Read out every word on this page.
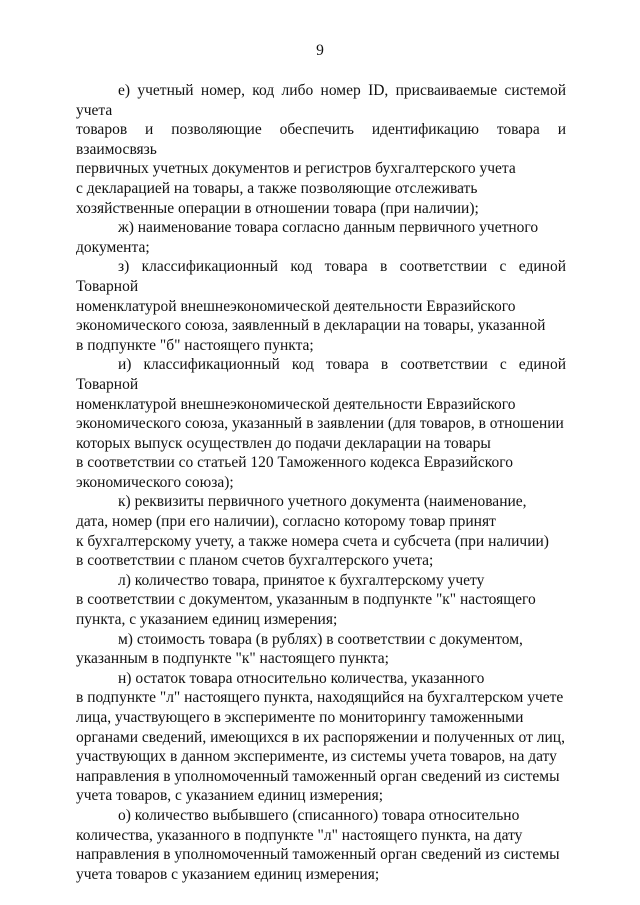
9

е) учетный номер, код либо номер ID, присваиваемые системой учета
товаров и позволяющие обеспечить идентификацию товара и взаимосвязь
первичных учетных документов и регистров бухгалтерского учета
с декларацией на товары, а также позволяющие отслеживать
хозяйственные операции в отношении товара (при наличии);

ж) наименование товара согласно данным первичного учетного
документа;

з) классификационный код товара в соответствии с единой Товарной
номенклатурой внешнеэкономической деятельности Евразийского
экономического союза, заявленный в декларации на товары, указанной
в подпункте "б" настоящего пункта;

и) классификационный код товара в соответствии с единой Товарной
номенклатурой внешнеэкономической деятельности Евразийского
экономического союза, указанный в заявлении (для товаров, в отношении
которых выпуск осуществлен до подачи декларации на товары
в соответствии со статьей 120 Таможенного кодекса Евразийского
экономического союза);

к) реквизиты первичного учетного документа (наименование,
дата, номер (при его наличии), согласно которому товар принят
к бухгалтерскому учету, а также номера счета и субсчета (при наличии)
в соответствии с планом счетов бухгалтерского учета;

л) количество товара, принятое к бухгалтерскому учету
в соответствии с документом, указанным в подпункте "к" настоящего
пункта, с указанием единиц измерения;

м) стоимость товара (в рублях) в соответствии с документом,
указанным в подпункте "к" настоящего пункта;

н) остаток товара относительно количества, указанного
в подпункте "л" настоящего пункта, находящийся на бухгалтерском учете
лица, участвующего в эксперименте по мониторингу таможенными
органами сведений, имеющихся в их распоряжении и полученных от лиц,
участвующих в данном эксперименте, из системы учета товаров, на дату
направления в уполномоченный таможенный орган сведений из системы
учета товаров, с указанием единиц измерения;

о) количество выбывшего (списанного) товара относительно
количества, указанного в подпункте "л" настоящего пункта, на дату
направления в уполномоченный таможенный орган сведений из системы
учета товаров с указанием единиц измерения;
